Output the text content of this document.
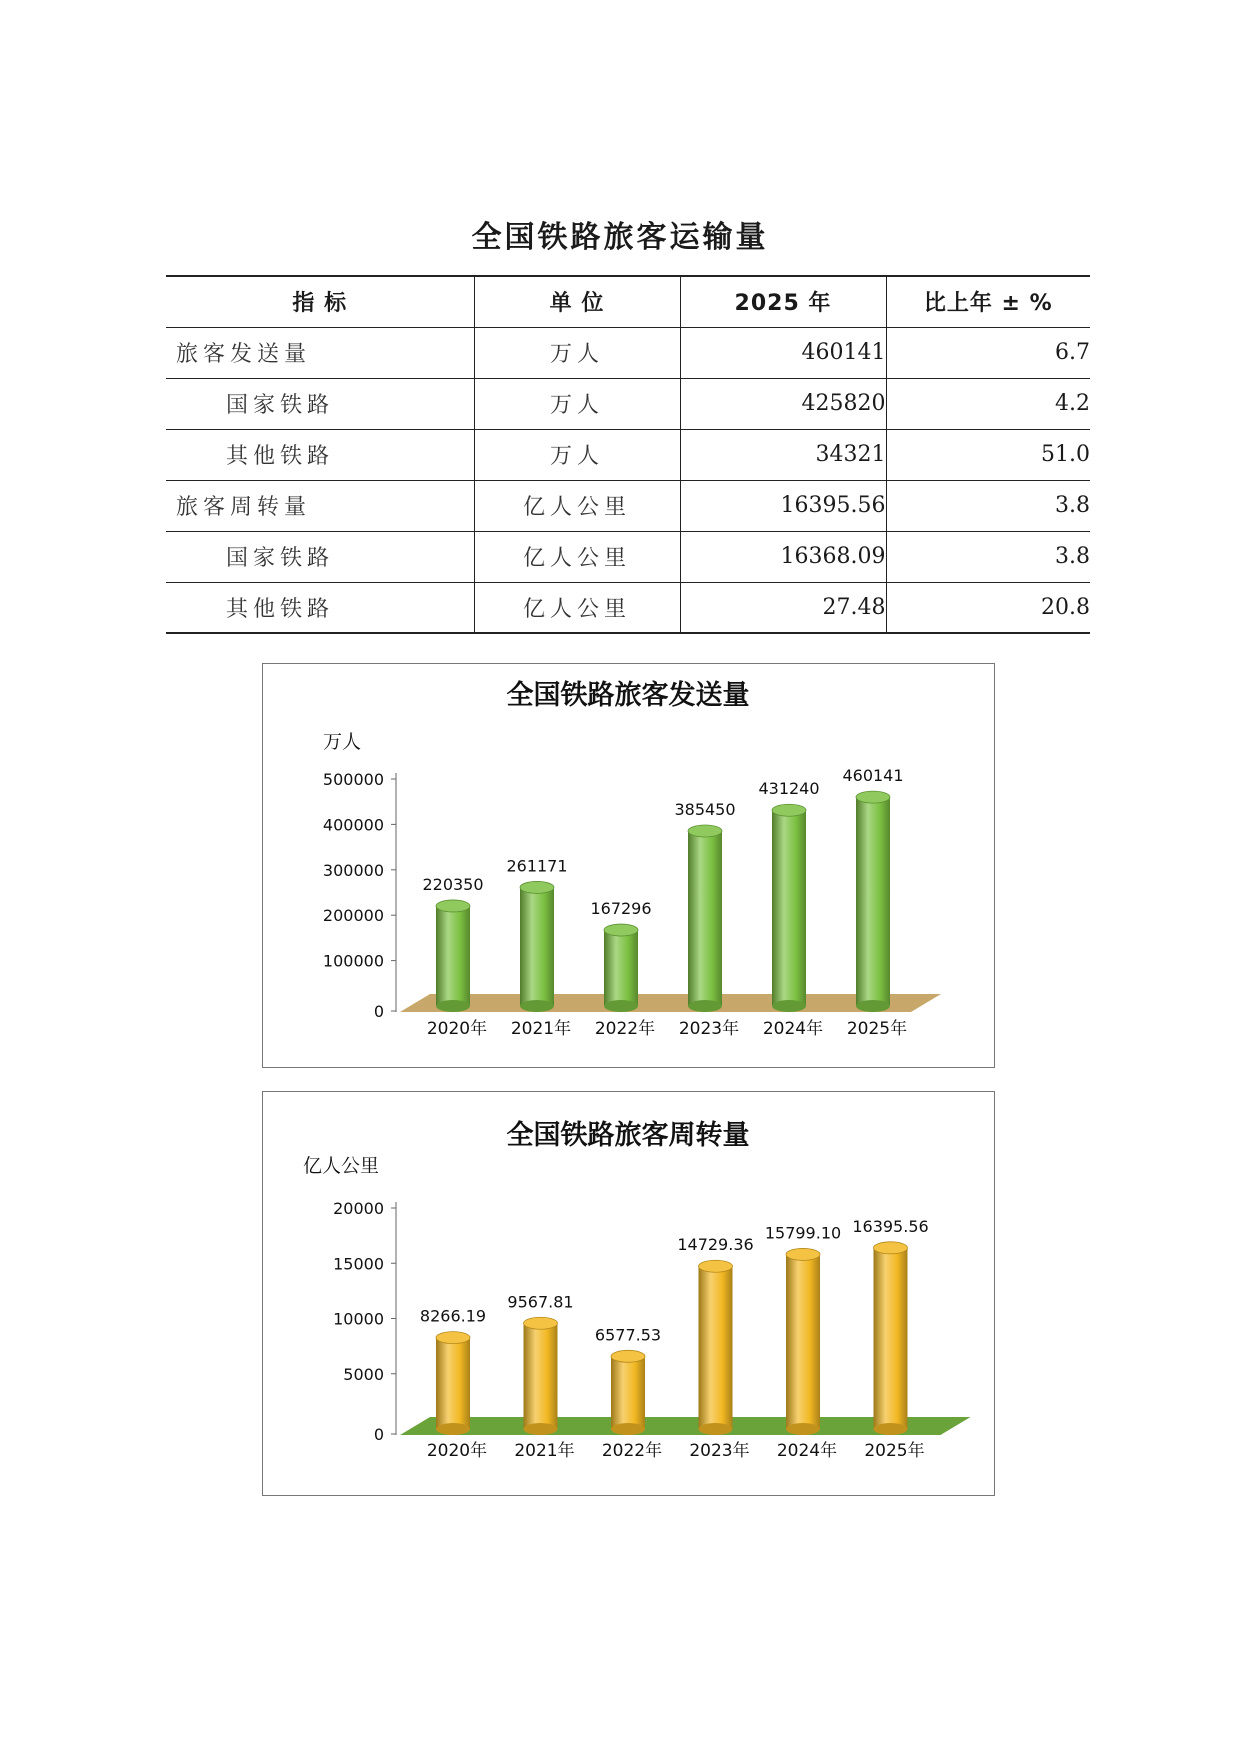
全国铁路旅客运输量
指 标	单 位	2025 年	比上年 ± %
旅客发送量	万人	460141	6.7
国家铁路	万人	425820	4.2
其他铁路	万人	34321	51.0
旅客周转量	亿人公里	16395.56	3.8
国家铁路	亿人公里	16368.09	3.8
其他铁路	亿人公里	27.48	20.8
全国铁路旅客发送量
万人
0
100000
200000
300000
400000
500000
220350
2020年
261171
2021年
167296
2022年
385450
2023年
431240
2024年
460141
2025年
全国铁路旅客周转量
亿人公里
0
5000
10000
15000
20000
8266.19
2020年
9567.81
2021年
6577.53
2022年
14729.36
2023年
15799.10
2024年
16395.56
2025年
